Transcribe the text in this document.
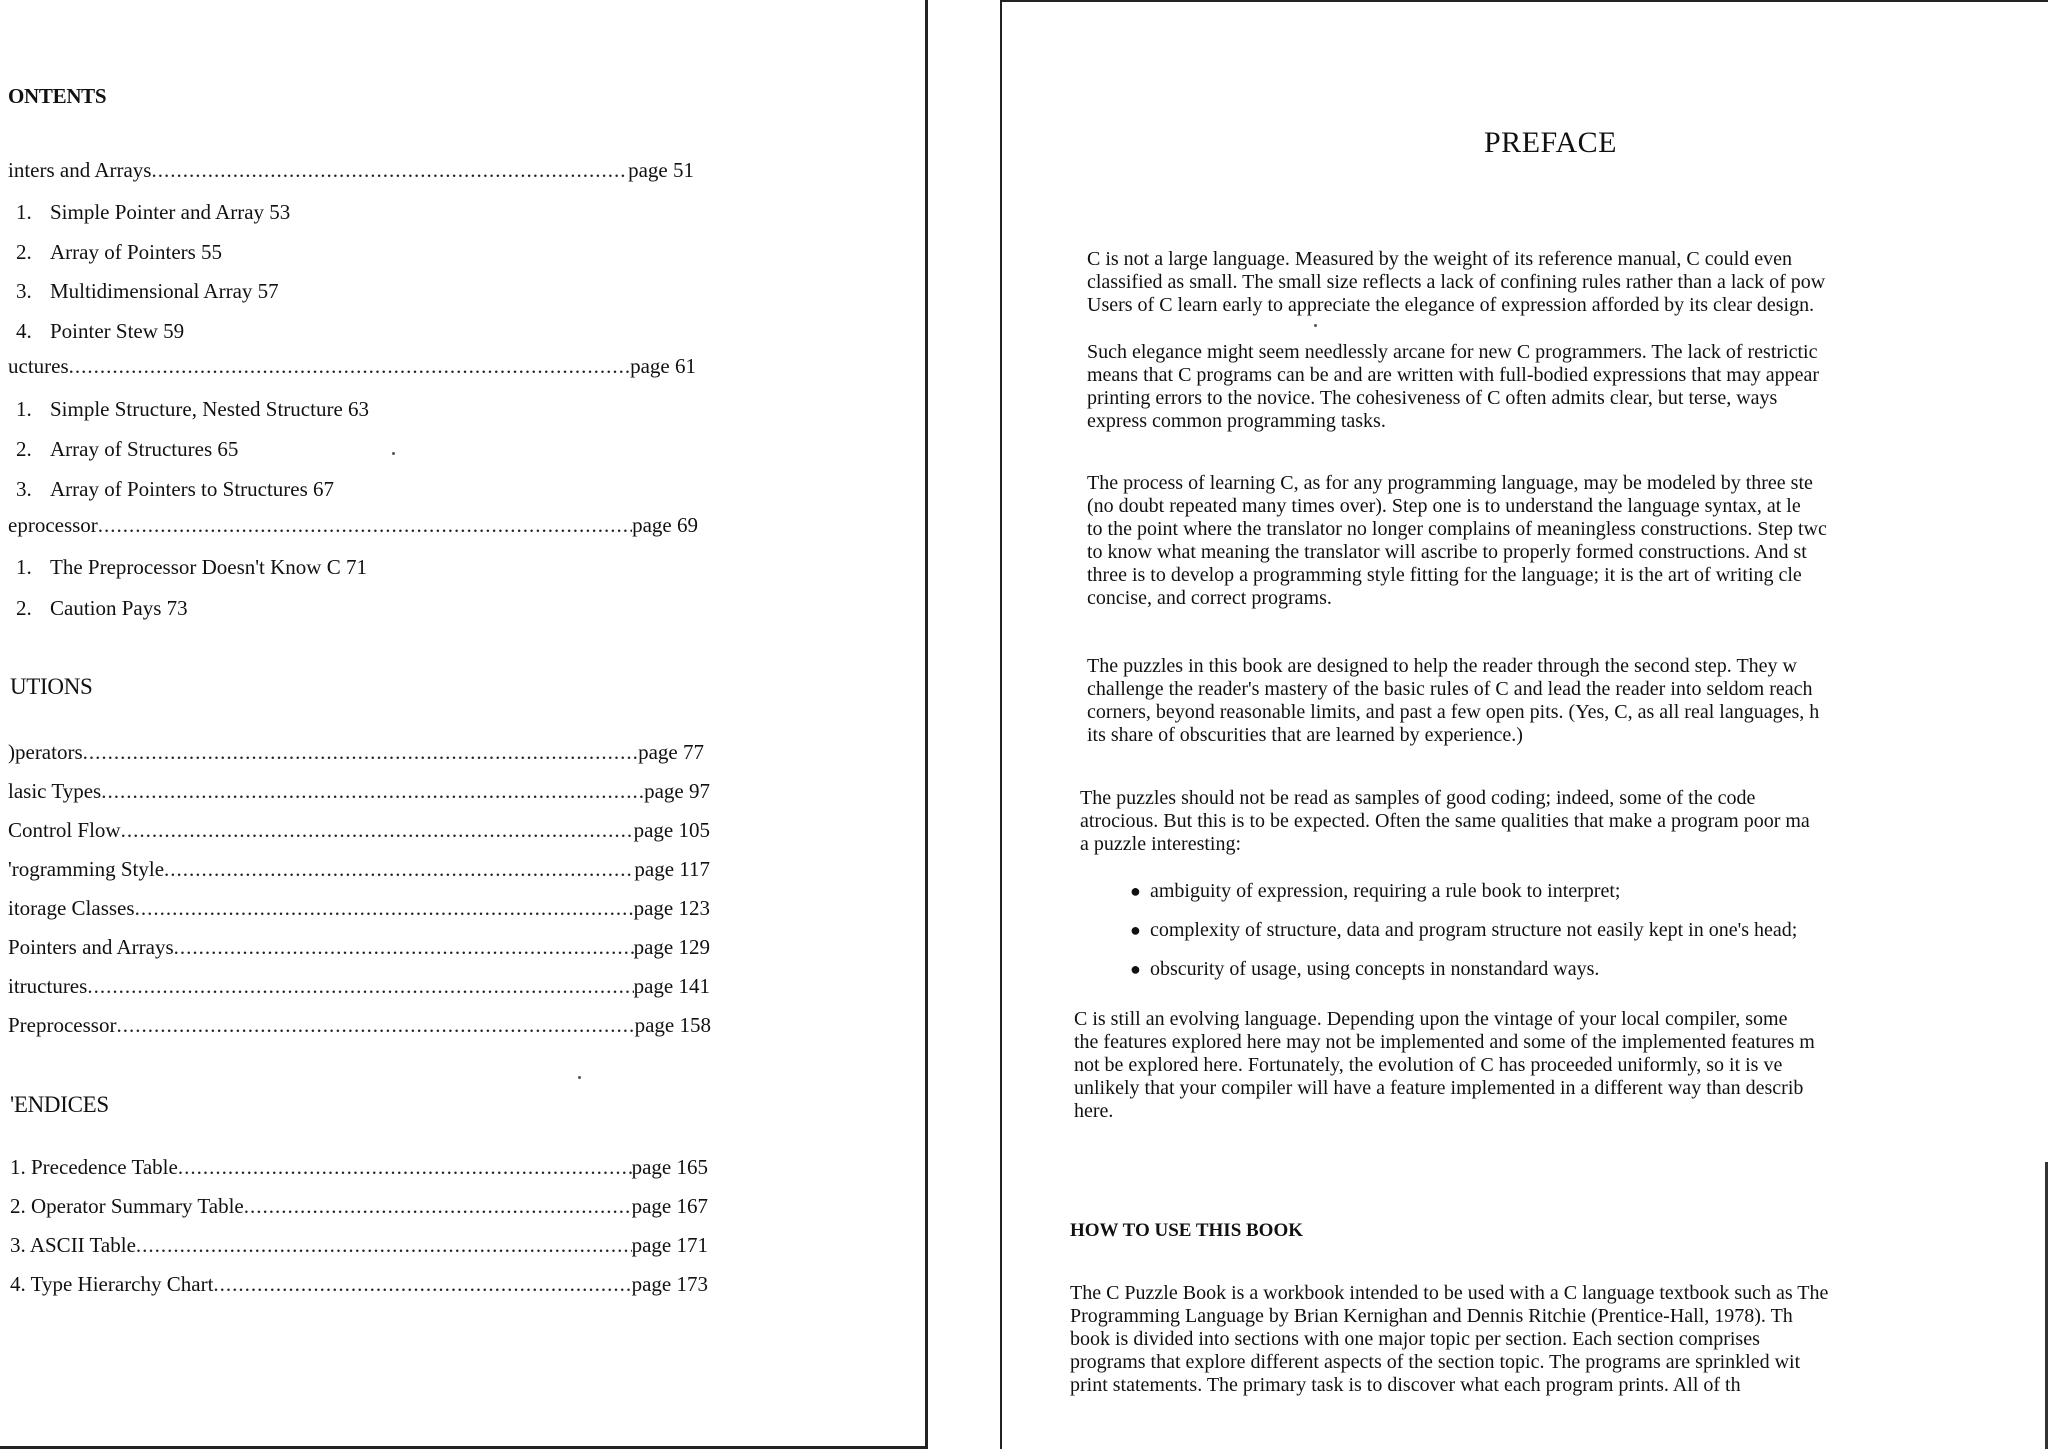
ONTENTS
inters and Arrays .....	page 51
1. Simple Pointer and Array 53
2. Array of Pointers 55
3. Multidimensional Array 57
4. Pointer Stew 59
uctures .....	page 61
1. Simple Structure, Nested Structure 63
2. Array of Structures 65
3. Array of Pointers to Structures 67
eprocessor .....	page 69
1. The Preprocessor Doesn't Know C 71
2. Caution Pays 73
UTIONS
)perators .....	page 77
lasic Types .....	page 97
Control Flow .....	page 105
'rogramming Style .....	page 117
itorage Classes .....	page 123
Pointers and Arrays .....	page 129
itructures .....	page 141
Preprocessor .....	page 158
'ENDICES
1. Precedence Table .....	page 165
2. Operator Summary Table .....	page 167
3. ASCII Table .....	page 171
4. Type Hierarchy Chart .....	page 173
PREFACE

C is not a large language. Measured by the weight of its reference manual, C could even

classified as small. The small size reflects a lack of confining rules rather than a lack of pow

Users of C learn early to appreciate the elegance of expression afforded by its clear design.

Such elegance might seem needlessly arcane for new C programmers. The lack of restrictic

means that C programs can be and are written with full-bodied expressions that may appear

printing errors to the novice. The cohesiveness of C often admits clear, but terse, ways

express common programming tasks.

The process of learning C, as for any programming language, may be modeled by three ste

(no doubt repeated many times over). Step one is to understand the language syntax, at le

to the point where the translator no longer complains of meaningless constructions. Step twc

to know what meaning the translator will ascribe to properly formed constructions. And st

three is to develop a programming style fitting for the language; it is the art of writing cle

concise, and correct programs.

The puzzles in this book are designed to help the reader through the second step. They w

challenge the reader's mastery of the basic rules of C and lead the reader into seldom reach

corners, beyond reasonable limits, and past a few open pits. (Yes, C, as all real languages, h

its share of obscurities that are learned by experience.)

The puzzles should not be read as samples of good coding; indeed, some of the code

atrocious. But this is to be expected. Often the same qualities that make a program poor ma

a puzzle interesting:

● ambiguity of expression, requiring a rule book to interpret;
● complexity of structure, data and program structure not easily kept in one's head;
● obscurity of usage, using concepts in nonstandard ways.

C is still an evolving language. Depending upon the vintage of your local compiler, some

the features explored here may not be implemented and some of the implemented features m

not be explored here. Fortunately, the evolution of C has proceeded uniformly, so it is ve

unlikely that your compiler will have a feature implemented in a different way than describ

here.

HOW TO USE THIS BOOK

The C Puzzle Book is a workbook intended to be used with a C language textbook such as The

Programming Language by Brian Kernighan and Dennis Ritchie (Prentice-Hall, 1978). Th

book is divided into sections with one major topic per section. Each section comprises

programs that explore different aspects of the section topic. The programs are sprinkled wit

print statements. The primary task is to discover what each program prints. All of th
